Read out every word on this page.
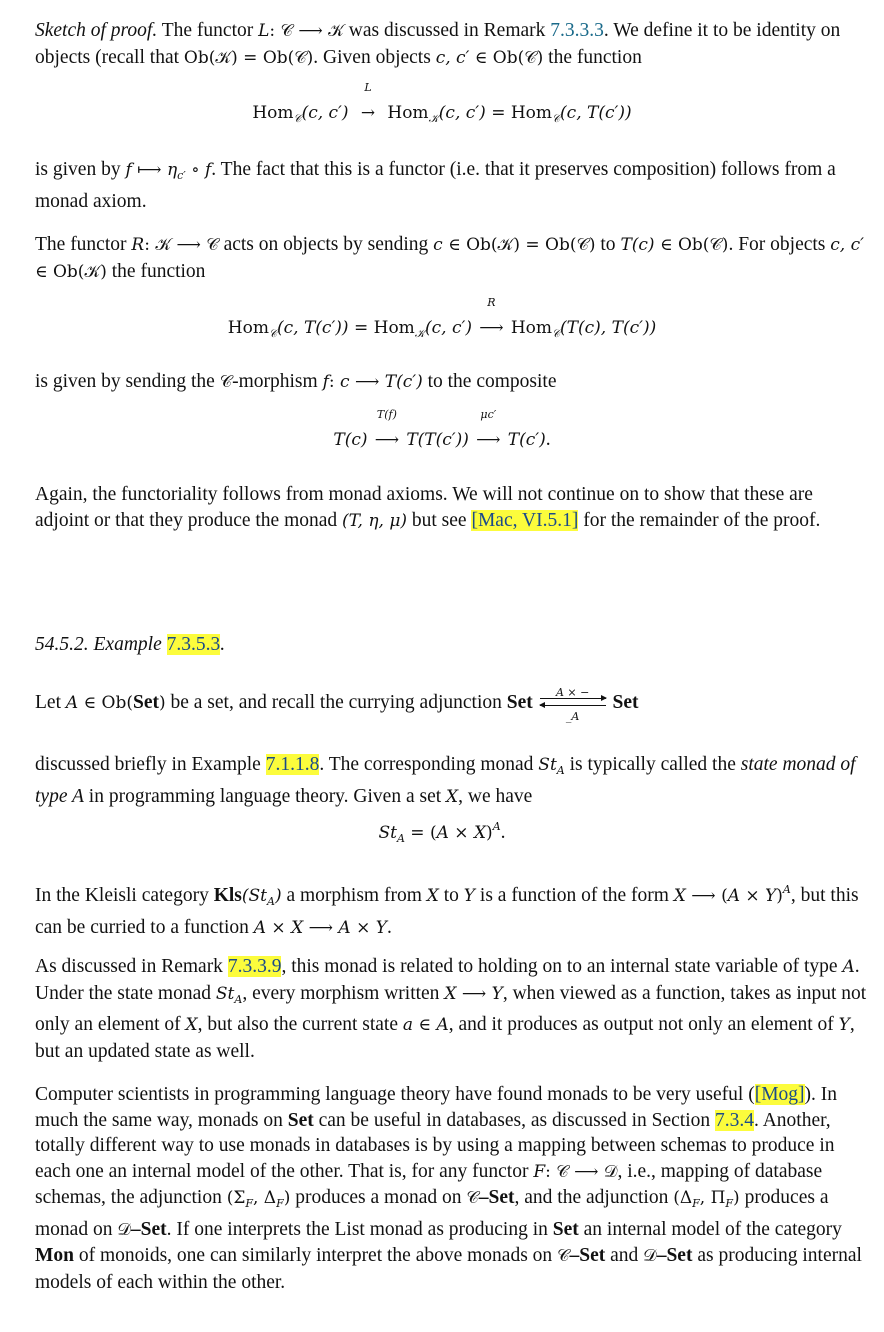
Sketch of proof. The functor L: 𝒞 ⟶ 𝒦 was discussed in Remark 7.3.3.3. We define it to be identity on objects (recall that Ob(𝒦) = Ob(𝒞). Given objects c, c′ ∈ Ob(𝒞) the function
Hom$_𝒞$(c, c′)
L
→ Hom$_𝒦$(c, c′) = Hom$_𝒞$(c, T(c′))
is given by f ⟼ $\eta_{c'}$ ∘ f. The fact that this is a functor (i.e. that it preserves composition) follows from a monad axiom.
The functor R: 𝒦 ⟶ 𝒞 acts on objects by sending c ∈ Ob(𝒦) = Ob(𝒞) to T(c) ∈ Ob(𝒞). For objects c, c′ ∈ Ob(𝒦) the function
Hom$_𝒞$(c, T(c′)) = Hom$_𝒦$(c, c′)
R
⟶ Hom$_𝒞$(T(c), T(c′))
is given by sending the 𝒞-morphism f: c ⟶ T(c′) to the composite
T(c)
T(f)
⟶ T(T(c′))
μc′
⟶ T(c′).
Again, the functoriality follows from monad axioms. We will not continue on to show that these are adjoint or that they produce the monad (T, η, μ) but see [Mac, VI.5.1] for the remainder of the proof.
54.5.2. Example 7.3.5.3.
Let A ∈ Ob(Set) be a set, and recall the currying adjunction Set $\frac{A \times -}{\_A}$ Set
discussed briefly in Example 7.1.1.8. The corresponding monad $St_A$ is typically called the state monad of type A in programming language theory. Given a set X, we have
$St_A = (A \times X)^A$.
In the Kleisli category $Kls(St_A)$ a morphism from X to Y is a function of the form X ⟶ $(A \times Y)^A$, but this can be curried to a function A × X ⟶ A × Y.
As discussed in Remark 7.3.3.9, this monad is related to holding on to an internal state variable of type A. Under the state monad $St_A$, every morphism written X ⟶ Y, when viewed as a function, takes as input not only an element of X, but also the current state a ∈ A, and it produces as output not only an element of Y, but an updated state as well.
Computer scientists in programming language theory have found monads to be very useful ([Mog]). In much the same way, monads on Set can be useful in databases, as discussed in Section 7.3.4. Another, totally different way to use monads in databases is by using a mapping between schemas to produce in each one an internal model of the other. That is, for any functor F: 𝒞 ⟶ 𝒟, i.e., mapping of database schemas, the adjunction ($\Sigma_F$, $\Delta_F$) produces a monad on 𝒞–Set, and the adjunction ($\Delta_F$, $\Pi_F$) produces a monad on 𝒟–Set. If one interprets the List monad as producing in Set an internal model of the category Mon of monoids, one can similarly interpret the above monads on 𝒞–Set and 𝒟–Set as producing internal models of each within the other.
